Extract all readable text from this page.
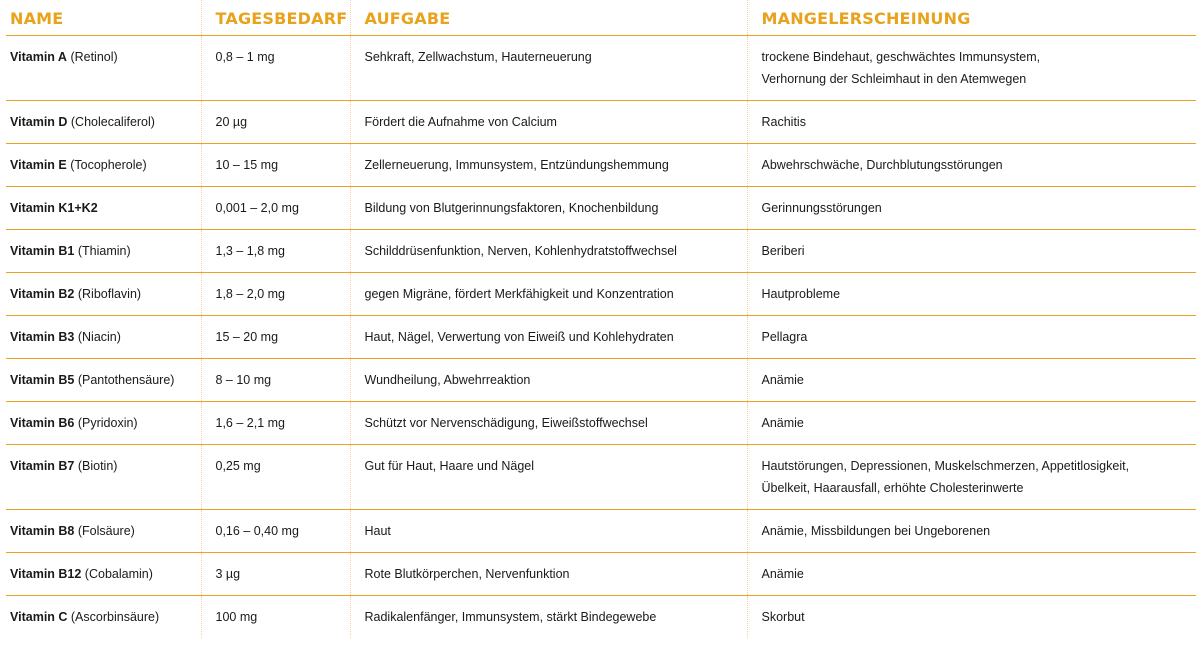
NAME	TAGESBEDARF	AUFGABE	MANGELERSCHEINUNG
Vitamin A (Retinol)	0,8 – 1 mg	Sehkraft, Zellwachstum, Hauterneuerung	trockene Bindehaut, geschwächtes Immunsystem,
Verhornung der Schleimhaut in den Atemwegen

Vitamin D (Cholecaliferol)	20 µg	Fördert die Aufnahme von Calcium	Rachitis

Vitamin E (Tocopherole)	10 – 15 mg	Zellerneuerung, Immunsystem, Entzündungshemmung	Abwehrschwäche, Durchblutungsstörungen

Vitamin K1+K2	0,001 – 2,0 mg	Bildung von Blutgerinnungsfaktoren, Knochenbildung	Gerinnungsstörungen

Vitamin B1 (Thiamin)	1,3 – 1,8 mg	Schilddrüsenfunktion, Nerven, Kohlenhydratstoffwechsel	Beriberi

Vitamin B2 (Riboflavin)	1,8 – 2,0 mg	gegen Migräne, fördert Merkfähigkeit und Konzentration	Hautprobleme

Vitamin B3 (Niacin)	15 – 20 mg	Haut, Nägel, Verwertung von Eiweiß und Kohlehydraten	Pellagra

Vitamin B5 (Pantothensäure)	8 – 10 mg	Wundheilung, Abwehrreaktion	Anämie

Vitamin B6 (Pyridoxin)	1,6 – 2,1 mg	Schützt vor Nervenschädigung, Eiweißstoffwechsel	Anämie

Vitamin B7 (Biotin)	0,25 mg	Gut für Haut, Haare und Nägel	Hautstörungen, Depressionen, Muskelschmerzen, Appetitlosigkeit,
Übelkeit, Haarausfall, erhöhte Cholesterinwerte

Vitamin B8 (Folsäure)	0,16 – 0,40 mg	Haut	Anämie, Missbildungen bei Ungeborenen

Vitamin B12 (Cobalamin)	3 µg	Rote Blutkörperchen, Nervenfunktion	Anämie

Vitamin C (Ascorbinsäure)	100 mg	Radikalenfänger, Immunsystem, stärkt Bindegewebe	Skorbut
